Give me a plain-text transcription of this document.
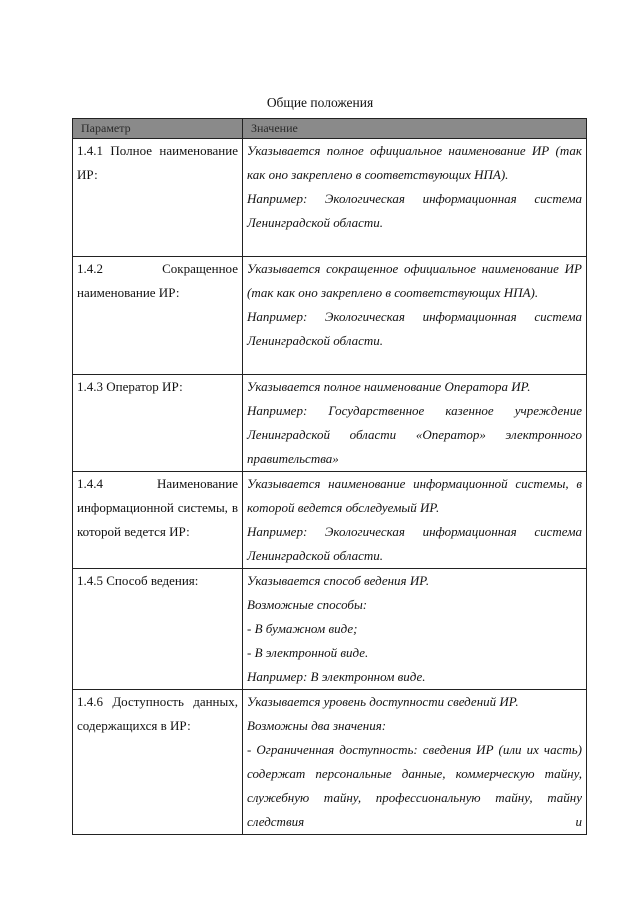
Общие положения
Параметр	Значение
1.4.1 Полное наименование ИР:	Указывается полное официальное наименование ИР (так как оно закреплено в соответствующих НПА).

Например: Экологическая информационная система Ленинградской области.

1.4.2 Сокращенное наименование ИР:	Указывается сокращенное официальное наименование ИР (так как оно закреплено в соответствующих НПА).

Например: Экологическая информационная система Ленинградской области.

1.4.3 Оператор ИР:	Указывается полное наименование Оператора ИР.

Например: Государственное казенное учреждение Ленинградской области «Оператор» электронного правительства»

1.4.4 Наименование информационной системы, в которой ведется ИР:	Указывается наименование информационной системы, в которой ведется обследуемый ИР.

Например: Экологическая информационная система Ленинградской области.

1.4.5 Способ ведения:	Указывается способ ведения ИР.

Возможные способы:

- В бумажном виде;

- В электронной виде.

Например: В электронном виде.

1.4.6 Доступность данных, содержащихся в ИР:	Указывается уровень доступности сведений ИР.

Возможны два значения:

- Ограниченная доступность: сведения ИР (или их часть) содержат персональные данные, коммерческую тайну, служебную тайну, профессиональную тайну, тайну следствия и
